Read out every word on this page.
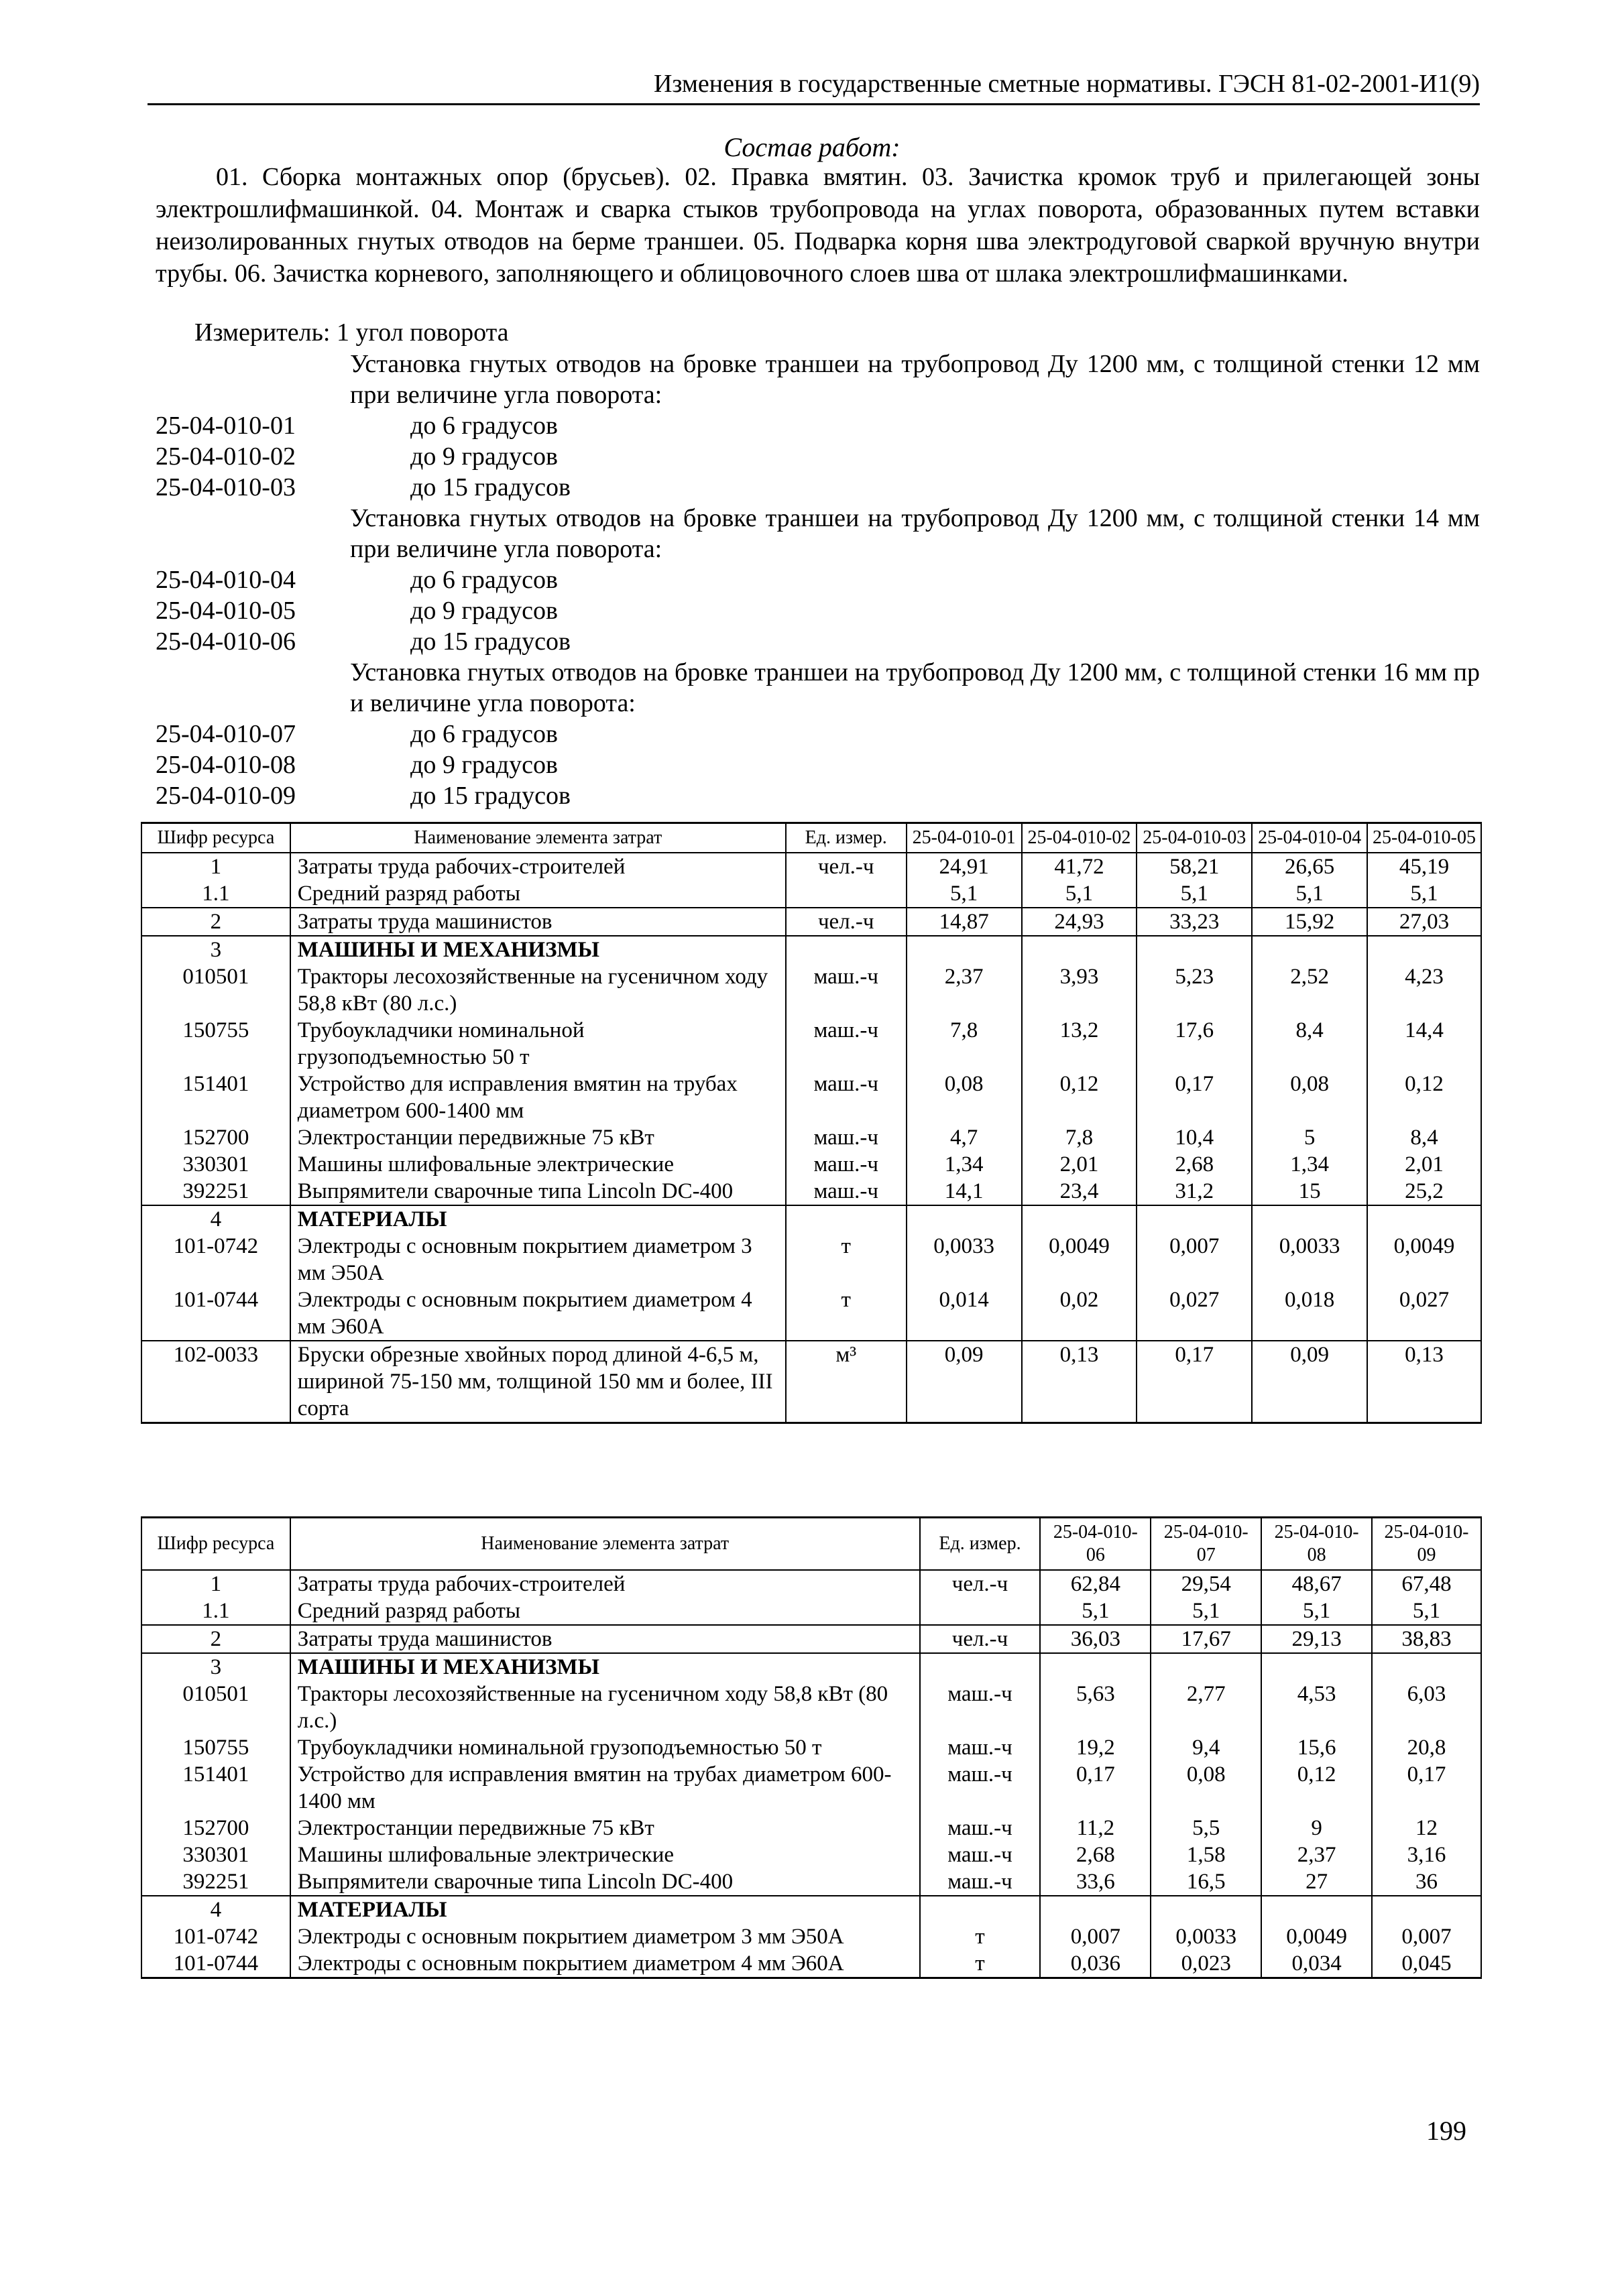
Изменения в государственные сметные нормативы. ГЭСН 81-02-2001-И1(9)
Состав работ:
01. Сборка монтажных опор (брусьев). 02. Правка вмятин. 03. Зачистка кромок труб и прилегающей зоны электрошлифмашинкой. 04. Монтаж и сварка стыков трубопровода на углах поворота, образованных путем вставки неизолированных гнутых отводов на берме траншеи. 05. Подварка корня шва электродуговой сваркой вручную внутри трубы. 06. Зачистка корневого, заполняющего и облицовочного слоев шва от шлака электрошлифмашинками.
Измеритель: 1 угол поворота
Установка гнутых отводов на бровке траншеи на трубопровод Ду 1200 мм, с толщиной стенки 12 мм при величине угла поворота:
25-04-010-01	до 6 градусов
25-04-010-02	до 9 градусов
25-04-010-03	до 15 градусов
Установка гнутых отводов на бровке траншеи на трубопровод Ду 1200 мм, с толщиной стенки 14 мм при величине угла поворота:
25-04-010-04	до 6 градусов
25-04-010-05	до 9 градусов
25-04-010-06	до 15 градусов
Установка гнутых отводов на бровке траншеи на трубопровод Ду 1200 мм, с толщиной стенки 16 мм пр и величине угла поворота:
25-04-010-07	до 6 градусов
25-04-010-08	до 9 градусов
25-04-010-09	до 15 градусов
Шифр ресурса	Наименование элемента затрат	Ед. измер.	25-04-010-01	25-04-010-02	25-04-010-03	25-04-010-04	25-04-010-05
1	Затраты труда рабочих-строителей	чел.-ч	24,91	41,72	58,21	26,65	45,19
1.1	Средний разряд работы		5,1	5,1	5,1	5,1	5,1
2	Затраты труда машинистов	чел.-ч	14,87	24,93	33,23	15,92	27,03
3	МАШИНЫ И МЕХАНИЗМЫ						
010501	Тракторы лесохозяйственные на гусеничном ходу 58,8 кВт (80 л.с.)	маш.-ч	2,37	3,93	5,23	2,52	4,23
150755	Трубоукладчики номинальной грузоподъемностью 50 т	маш.-ч	7,8	13,2	17,6	8,4	14,4
151401	Устройство для исправления вмятин на трубах диаметром 600-1400 мм	маш.-ч	0,08	0,12	0,17	0,08	0,12
152700	Электростанции передвижные 75 кВт	маш.-ч	4,7	7,8	10,4	5	8,4
330301	Машины шлифовальные электрические	маш.-ч	1,34	2,01	2,68	1,34	2,01
392251	Выпрямители сварочные типа Lincoln DC-400	маш.-ч	14,1	23,4	31,2	15	25,2
4	МАТЕРИАЛЫ						
101-0742	Электроды с основным покрытием диаметром 3 мм Э50А	т	0,0033	0,0049	0,007	0,0033	0,0049
101-0744	Электроды с основным покрытием диаметром 4 мм Э60А	т	0,014	0,02	0,027	0,018	0,027
102-0033	Бруски обрезные хвойных пород длиной 4-6,5 м, шириной 75-150 мм, толщиной 150 мм и более, III сорта	м³	0,09	0,13	0,17	0,09	0,13
Шифр ресурса	Наименование элемента затрат	Ед. измер.	25-04-010-06	25-04-010-07	25-04-010-08	25-04-010-09
1	Затраты труда рабочих-строителей	чел.-ч	62,84	29,54	48,67	67,48
1.1	Средний разряд работы		5,1	5,1	5,1	5,1
2	Затраты труда машинистов	чел.-ч	36,03	17,67	29,13	38,83
3	МАШИНЫ И МЕХАНИЗМЫ					
010501	Тракторы лесохозяйственные на гусеничном ходу 58,8 кВт (80 л.с.)	маш.-ч	5,63	2,77	4,53	6,03
150755	Трубоукладчики номинальной грузоподъемностью 50 т	маш.-ч	19,2	9,4	15,6	20,8
151401	Устройство для исправления вмятин на трубах диаметром 600-1400 мм	маш.-ч	0,17	0,08	0,12	0,17
152700	Электростанции передвижные 75 кВт	маш.-ч	11,2	5,5	9	12
330301	Машины шлифовальные электрические	маш.-ч	2,68	1,58	2,37	3,16
392251	Выпрямители сварочные типа Lincoln DC-400	маш.-ч	33,6	16,5	27	36
4	МАТЕРИАЛЫ					
101-0742	Электроды с основным покрытием диаметром 3 мм Э50А	т	0,007	0,0033	0,0049	0,007
101-0744	Электроды с основным покрытием диаметром 4 мм Э60А	т	0,036	0,023	0,034	0,045
199
